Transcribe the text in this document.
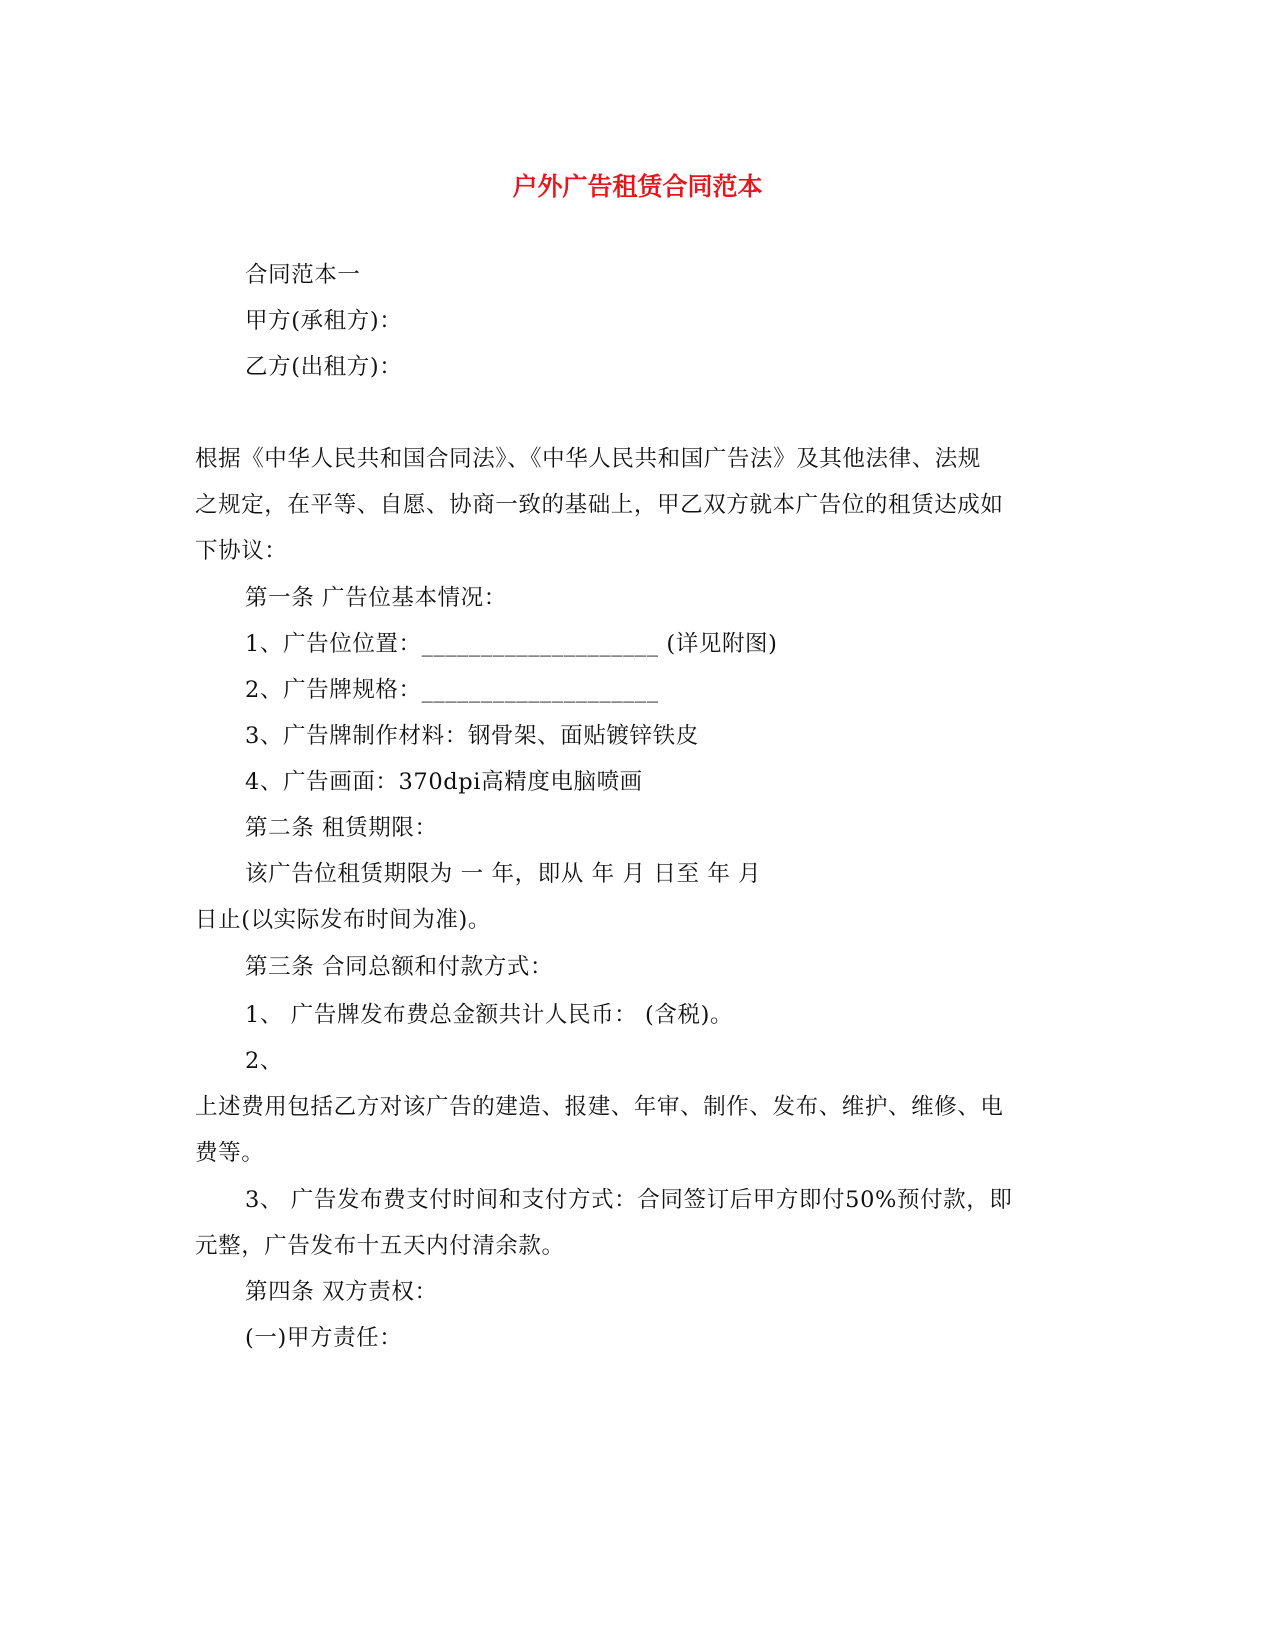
户外广告租赁合同范本
合同范本一
甲方(承租方)：
乙方(出租方)：
根据《中华人民共和国合同法》、《中华人民共和国广告法》及其他法律、法规
之规定，在平等、自愿、协商一致的基础上，甲乙双方就本广告位的租赁达成如
下协议：
第一条 广告位基本情况：
1、广告位位置：____________________ (详见附图)
2、广告牌规格：____________________
3、广告牌制作材料：钢骨架、面贴镀锌铁皮
4、广告画面：370dpi高精度电脑喷画
第二条 租赁期限：
该广告位租赁期限为 一 年，即从 年 月 日至 年 月
日止(以实际发布时间为准)。
第三条 合同总额和付款方式：
1、 广告牌发布费总金额共计人民币： (含税)。
2、
上述费用包括乙方对该广告的建造、报建、年审、制作、发布、维护、维修、电
费等。
3、 广告发布费支付时间和支付方式：合同签订后甲方即付50%预付款，即
元整，广告发布十五天内付清余款。
第四条 双方责权：
(一)甲方责任：
